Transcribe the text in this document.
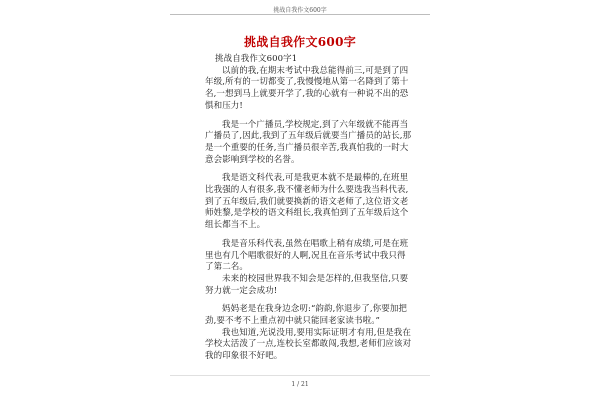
挑战自我作文600字
挑战自我作文600字

挑战自我作文600字1

以前的我,在期末考试中我总能得前三,可是到了四年级,所有的一切都变了,我慢慢地从第一名降到了第十名,一想到马上就要开学了,我的心就有一种说不出的恐惧和压力!

我是一个广播员,学校规定,到了六年级就不能再当广播员了,因此,我到了五年级后就要当广播员的站长,那是一个重要的任务,当广播员很辛苦,我真怕我的一时大意会影响到学校的名誉。

我是语文科代表,可是我更本就不是最棒的,在班里比我强的人有很多,我不懂老师为什么要选我当科代表,到了五年级后,我们就要换新的语文老师了,这位语文老师姓黎,是学校的语文科组长,我真怕到了五年级后这个组长都当不上。

我是音乐科代表,虽然在唱歌上稍有成绩,可是在班里也有几个唱歌很好的人啊,况且在音乐考试中我只得了第二名。

未来的校园世界我不知会是怎样的,但我坚信,只要努力就一定会成功!

妈妈老是在我身边念叨:“韵韵,你退步了,你要加把劲,要不考不上重点初中就只能回老家读书啦。”

我也知道,光说没用,要用实际证明才有用,但是我在学校太活泼了一点,连校长室都敢闯,我想,老师们应该对我的印象很不好吧。

1 / 21
